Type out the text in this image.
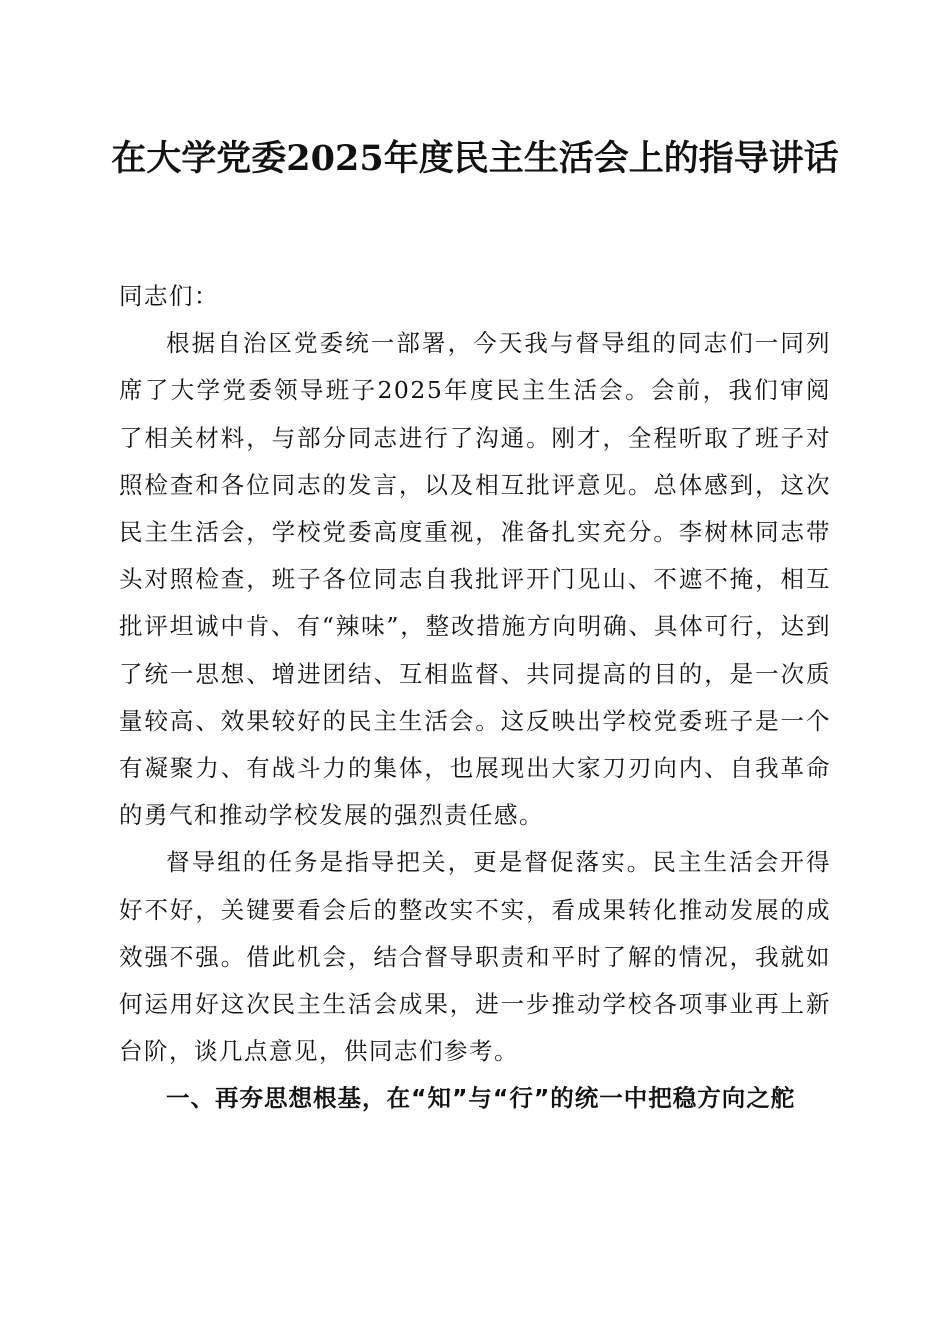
在大学党委2025年度民主生活会上的指导讲话

同志们：

根据自治区党委统一部署，今天我与督导组的同志们一同列席了大学党委领导班子2025年度民主生活会。会前，我们审阅了相关材料，与部分同志进行了沟通。刚才，全程听取了班子对照检查和各位同志的发言，以及相互批评意见。总体感到，这次民主生活会，学校党委高度重视，准备扎实充分。李树林同志带头对照检查，班子各位同志自我批评开门见山、不遮不掩，相互批评坦诚中肯、有“辣味”，整改措施方向明确、具体可行，达到了统一思想、增进团结、互相监督、共同提高的目的，是一次质量较高、效果较好的民主生活会。这反映出学校党委班子是一个有凝聚力、有战斗力的集体，也展现出大家刀刃向内、自我革命的勇气和推动学校发展的强烈责任感。

督导组的任务是指导把关，更是督促落实。民主生活会开得好不好，关键要看会后的整改实不实，看成果转化推动发展的成效强不强。借此机会，结合督导职责和平时了解的情况，我就如何运用好这次民主生活会成果，进一步推动学校各项事业再上新台阶，谈几点意见，供同志们参考。

一、再夯思想根基，在“知”与“行”的统一中把稳方向之舵
